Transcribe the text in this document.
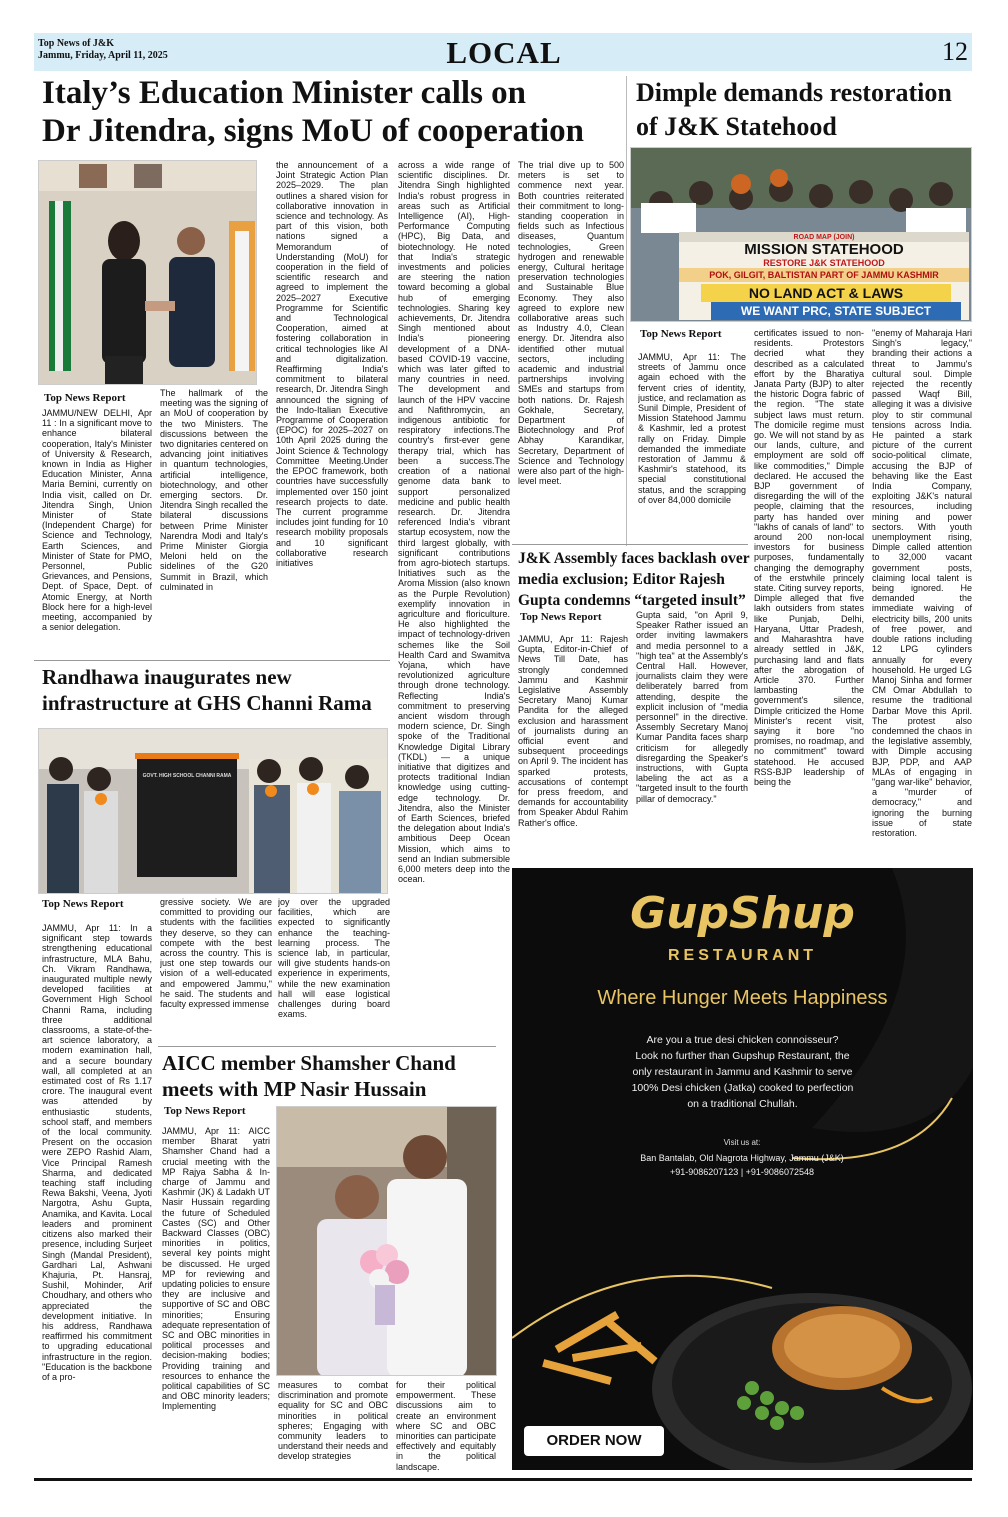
Top News of J&K
Jammu, Friday, April 11, 2025	LOCAL	12
Italy’s Education Minister calls on
Dr Jitendra, signs MoU of cooperation
Top News Report
JAMMU/NEW DELHI, Apr 11 : In a significant move to enhance bilateral cooperation, Italy's Minister of University & Research, known in India as Higher Education Minister, Anna Maria Bemini, currently on India visit, called on Dr. Jitendra Singh, Union Minister of State (Independent Charge) for Science and Technology, Earth Sciences, and Minister of State for PMO, Personnel, Public Grievances, and Pensions, Dept. of Space, Dept. of Atomic Energy, at North Block here for a high-level meeting, accompanied by a senior delegation.
The hallmark of the meeting was the signing of an MoU of cooperation by the two Ministers. The discussions between the two dignitaries centered on advancing joint initiatives in quantum technologies, artificial intelligence, biotechnology, and other emerging sectors. Dr. Jitendra Singh recalled the bilateral discussions between Prime Minister Narendra Modi and Italy's Prime Minister Giorgia Meloni held on the sidelines of the G20 Summit in Brazil, which culminated in
the announcement of a Joint Strategic Action Plan 2025–2029. The plan outlines a shared vision for collaborative innovation in science and technology. As part of this vision, both nations signed a Memorandum of Understanding (MoU) for cooperation in the field of scientific research and agreed to implement the 2025–2027 Executive Programme for Scientific and Technological Cooperation, aimed at fostering collaboration in critical technologies like AI and digitalization. Reaffirming India's commitment to bilateral research, Dr. Jitendra Singh announced the signing of the Indo-Italian Executive Programme of Cooperation (EPOC) for 2025–2027 on 10th April 2025 during the Joint Science & Technology Committee Meeting.Under the EPOC framework, both countries have successfully implemented over 150 joint research projects to date. The current programme includes joint funding for 10 research mobility proposals and 10 significant collaborative research initiatives
across a wide range of scientific disciplines. Dr. Jitendra Singh highlighted India's robust progress in areas such as Artificial Intelligence (AI), High-Performance Computing (HPC), Big Data, and biotechnology. He noted that India's strategic investments and policies are steering the nation toward becoming a global hub of emerging technologies. Sharing key achievements, Dr. Jitendra Singh mentioned about India's pioneering development of a DNA-based COVID-19 vaccine, which was later gifted to many countries in need. The development and launch of the HPV vaccine and Nafithromycin, an indigenous antibiotic for respiratory infections.The country's first-ever gene therapy trial, which has been a success.The creation of a national genome data bank to support personalized medicine and public health research. Dr. Jitendra referenced India's vibrant startup ecosystem, now the third largest globally, with significant contributions from agro-biotech startups. Initiatives such as the Aroma Mission (also known as the Purple Revolution) exemplify innovation in agriculture and floriculture. He also highlighted the impact of technology-driven schemes like the Soil Health Card and Swamitva Yojana, which have revolutionized agriculture through drone technology. Reflecting India's commitment to preserving ancient wisdom through modern science, Dr. Singh spoke of the Traditional Knowledge Digital Library (TKDL) — a unique initiative that digitizes and protects traditional Indian knowledge using cutting-edge technology. Dr. Jitendra, also the Minister of Earth Sciences, briefed the delegation about India's ambitious Deep Ocean Mission, which aims to send an Indian submersible 6,000 meters deep into the ocean.
The trial dive up to 500 meters is set to commence next year. Both countries reiterated their commitment to long-standing cooperation in fields such as Infectious diseases, Quantum technologies, Green hydrogen and renewable energy, Cultural heritage preservation technologies and Sustainable Blue Economy. They also agreed to explore new collaborative areas such as Industry 4.0, Clean energy. Dr. Jitendra also identified other mutual sectors, including academic and industrial partnerships involving SMEs and startups from both nations. Dr. Rajesh Gokhale, Secretary, Department of Biotechnology and Prof Abhay Karandikar, Secretary, Department of Science and Technology were also part of the high-level meet.
Dimple demands restoration
of J&K Statehood
ROAD MAP (JOIN)
MISSION STATEHOOD
RESTORE J&K STATEHOOD
POK, GILGIT, BALTISTAN PART OF JAMMU KASHMIR
NO LAND ACT & LAWS
WE WANT PRC, STATE SUBJECT
Top News Report
JAMMU, Apr 11: The streets of Jammu once again echoed with the fervent cries of identity, justice, and reclamation as Sunil Dimple, President of Mission Statehood Jammu & Kashmir, led a protest rally on Friday. Dimple demanded the immediate restoration of Jammu & Kashmir's statehood, its special constitutional status, and the scrapping of over 84,000 domicile
certificates issued to non-residents. Protestors decried what they described as a calculated effort by the Bharatiya Janata Party (BJP) to alter the historic Dogra fabric of the region. "The state subject laws must return. The domicile regime must go. We will not stand by as our lands, culture, and employment are sold off like commodities," Dimple declared. He accused the BJP government of disregarding the will of the people, claiming that the party has handed over "lakhs of canals of land" to around 200 non-local investors for business purposes, fundamentally changing the demography of the erstwhile princely state. Citing survey reports, Dimple alleged that five lakh outsiders from states like Punjab, Delhi, Haryana, Uttar Pradesh, and Maharashtra have already settled in J&K, purchasing land and flats after the abrogation of Article 370. Further lambasting the government's silence, Dimple criticized the Home Minister's recent visit, saying it bore "no promises, no roadmap, and no commitment" toward statehood. He accused RSS-BJP leadership of being the
"enemy of Maharaja Hari Singh's legacy," branding their actions a threat to Jammu's cultural soul. Dimple rejected the recently passed Waqf Bill, alleging it was a divisive ploy to stir communal tensions across India. He painted a stark picture of the current socio-political climate, accusing the BJP of behaving like the East India Company, exploiting J&K's natural resources, including mining and power sectors. With youth unemployment rising, Dimple called attention to 32,000 vacant government posts, claiming local talent is being ignored. He demanded the immediate waiving of electricity bills, 200 units of free power, and double rations including 12 LPG cylinders annually for every household. He urged LG Manoj Sinha and former CM Omar Abdullah to resume the traditional Darbar Move this April. The protest also condemned the chaos in the legislative assembly, with Dimple accusing BJP, PDP, and AAP MLAs of engaging in "gang war-like" behavior, a "murder of democracy," and ignoring the burning issue of state restoration.
J&K Assembly faces backlash over
media exclusion; Editor Rajesh
Gupta condemns “targeted insult”
Top News Report
JAMMU, Apr 11: Rajesh Gupta, Editor-in-Chief of News Till Date, has strongly condemned Jammu and Kashmir Legislative Assembly Secretary Manoj Kumar Pandita for the alleged exclusion and harassment of journalists during an official event and subsequent proceedings on April 9. The incident has sparked protests, accusations of contempt for press freedom, and demands for accountability from Speaker Abdul Rahim Rather's office.
Gupta said, "on April 9, Speaker Rather issued an order inviting lawmakers and media personnel to a "high tea" at the Assembly's Central Hall. However, journalists claim they were deliberately barred from attending, despite the explicit inclusion of "media personnel" in the directive. Assembly Secretary Manoj Kumar Pandita faces sharp criticism for allegedly disregarding the Speaker's instructions, with Gupta labeling the act as a "targeted insult to the fourth pillar of democracy."
Randhawa inaugurates new
infrastructure at GHS Channi Rama
GOVT. HIGH SCHOOL CHANNI RAMA
Top News Report
JAMMU, Apr 11: In a significant step towards strengthening educational infrastructure, MLA Bahu, Ch. Vikram Randhawa, inaugurated multiple newly developed facilities at Government High School Channi Rama, including three additional classrooms, a state-of-the-art science laboratory, a modern examination hall, and a secure boundary wall, all completed at an estimated cost of Rs 1.17 crore. The inaugural event was attended by enthusiastic students, school staff, and members of the local community. Present on the occasion were ZEPO Rashid Alam, Vice Principal Ramesh Sharma, and dedicated teaching staff including Rewa Bakshi, Veena, Jyoti Nargotra, Ashu Gupta, Anamika, and Kavita. Local leaders and prominent citizens also marked their presence, including Surjeet Singh (Mandal President), Gardhari Lal, Ashwani Khajuria, Pt. Hansraj, Sushil, Mohinder, Arif Choudhary, and others who appreciated the development initiative. In his address, Randhawa reaffirmed his commitment to upgrading educational infrastructure in the region. "Education is the backbone of a pro-
gressive society. We are committed to providing our students with the facilities they deserve, so they can compete with the best across the country. This is just one step towards our vision of a well-educated and empowered Jammu," he said. The students and faculty expressed immense
joy over the upgraded facilities, which are expected to significantly enhance the teaching-learning process. The science lab, in particular, will give students hands-on experience in experiments, while the new examination hall will ease logistical challenges during board exams.
AICC member Shamsher Chand
meets with MP Nasir Hussain
Top News Report
JAMMU, Apr 11: AICC member Bharat yatri Shamsher Chand had a crucial meeting with the MP Rajya Sabha & In-charge of Jammu and Kashmir (JK) & Ladakh UT Nasir Hussain regarding the future of Scheduled Castes (SC) and Other Backward Classes (OBC) minorities in politics, several key points might be discussed. He urged MP for reviewing and updating policies to ensure they are inclusive and supportive of SC and OBC minorities; Ensuring adequate representation of SC and OBC minorities in political processes and decision-making bodies; Providing training and resources to enhance the political capabilities of SC and OBC minority leaders; Implementing
measures to combat discrimination and promote equality for SC and OBC minorities in political spheres; Engaging with community leaders to understand their needs and develop strategies
for their political empowerment. These discussions aim to create an environment where SC and OBC minorities can participate effectively and equitably in the political landscape.
GupShup
RESTAURANT
Where Hunger Meets Happiness
Are you a true desi chicken connoisseur?
Look no further than Gupshup Restaurant, the
only restaurant in Jammu and Kashmir to serve
100% Desi chicken (Jatka) cooked to perfection
on a traditional Chullah.
Visit us at:
Ban Bantalab, Old Nagrota Highway, Jammu (J&K)
+91-9086207123 | +91-9086072548
ORDER NOW
